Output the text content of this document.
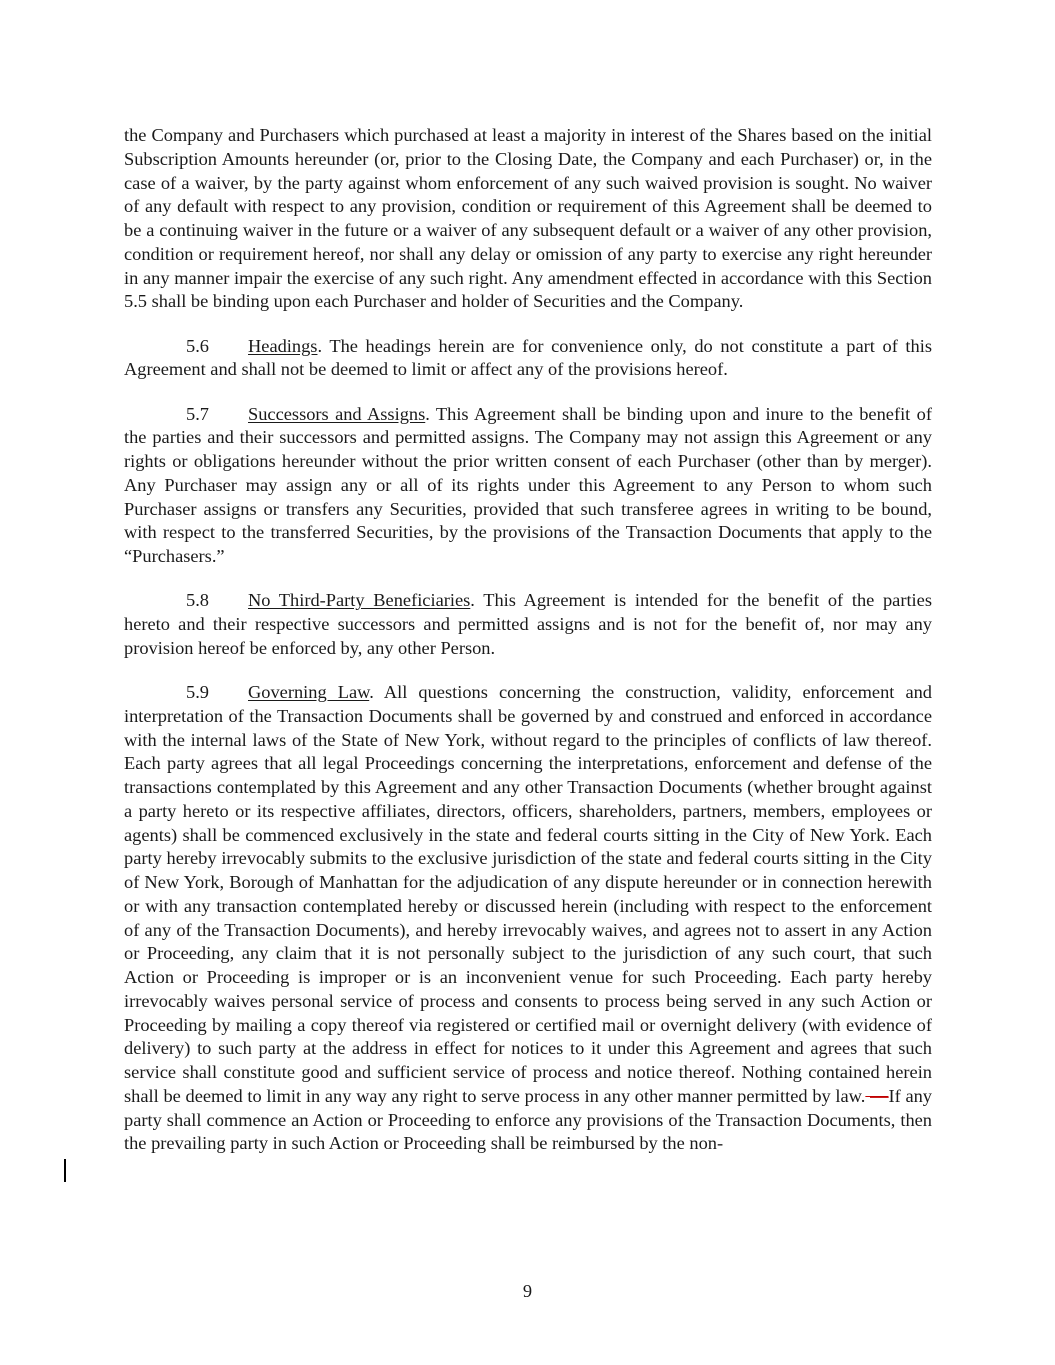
the Company and Purchasers which purchased at least a majority in interest of the Shares based on the initial Subscription Amounts hereunder (or, prior to the Closing Date, the Company and each Purchaser) or, in the case of a waiver, by the party against whom enforcement of any such waived provision is sought. No waiver of any default with respect to any provision, condition or requirement of this Agreement shall be deemed to be a continuing waiver in the future or a waiver of any subsequent default or a waiver of any other provision, condition or requirement hereof, nor shall any delay or omission of any party to exercise any right hereunder in any manner impair the exercise of any such right. Any amendment effected in accordance with this Section 5.5 shall be binding upon each Purchaser and holder of Securities and the Company.

5.6 Headings. The headings herein are for convenience only, do not constitute a part of this Agreement and shall not be deemed to limit or affect any of the provisions hereof.

5.7 Successors and Assigns. This Agreement shall be binding upon and inure to the benefit of the parties and their successors and permitted assigns. The Company may not assign this Agreement or any rights or obligations hereunder without the prior written consent of each Purchaser (other than by merger). Any Purchaser may assign any or all of its rights under this Agreement to any Person to whom such Purchaser assigns or transfers any Securities, provided that such transferee agrees in writing to be bound, with respect to the transferred Securities, by the provisions of the Transaction Documents that apply to the “Purchasers.”

5.8 No Third-Party Beneficiaries. This Agreement is intended for the benefit of the parties hereto and their respective successors and permitted assigns and is not for the benefit of, nor may any provision hereof be enforced by, any other Person.

5.9 Governing Law. All questions concerning the construction, validity, enforcement and interpretation of the Transaction Documents shall be governed by and construed and enforced in accordance with the internal laws of the State of New York, without regard to the principles of conflicts of law thereof. Each party agrees that all legal Proceedings concerning the interpretations, enforcement and defense of the transactions contemplated by this Agreement and any other Transaction Documents (whether brought against a party hereto or its respective affiliates, directors, officers, shareholders, partners, members, employees or agents) shall be commenced exclusively in the state and federal courts sitting in the City of New York. Each party hereby irrevocably submits to the exclusive jurisdiction of the state and federal courts sitting in the City of New York, Borough of Manhattan for the adjudication of any dispute hereunder or in connection herewith or with any transaction contemplated hereby or discussed herein (including with respect to the enforcement of any of the Transaction Documents), and hereby irrevocably waives, and agrees not to assert in any Action or Proceeding, any claim that it is not personally subject to the jurisdiction of any such court, that such Action or Proceeding is improper or is an inconvenient venue for such Proceeding. Each party hereby irrevocably waives personal service of process and consents to process being served in any such Action or Proceeding by mailing a copy thereof via registered or certified mail or overnight delivery (with evidence of delivery) to such party at the address in effect for notices to it under this Agreement and agrees that such service shall constitute good and sufficient service of process and notice thereof. Nothing contained herein shall be deemed to limit in any way any right to serve process in any other manner permitted by law. —If any party shall commence an Action or Proceeding to enforce any provisions of the Transaction Documents, then the prevailing party in such Action or Proceeding shall be reimbursed by the non-

9
